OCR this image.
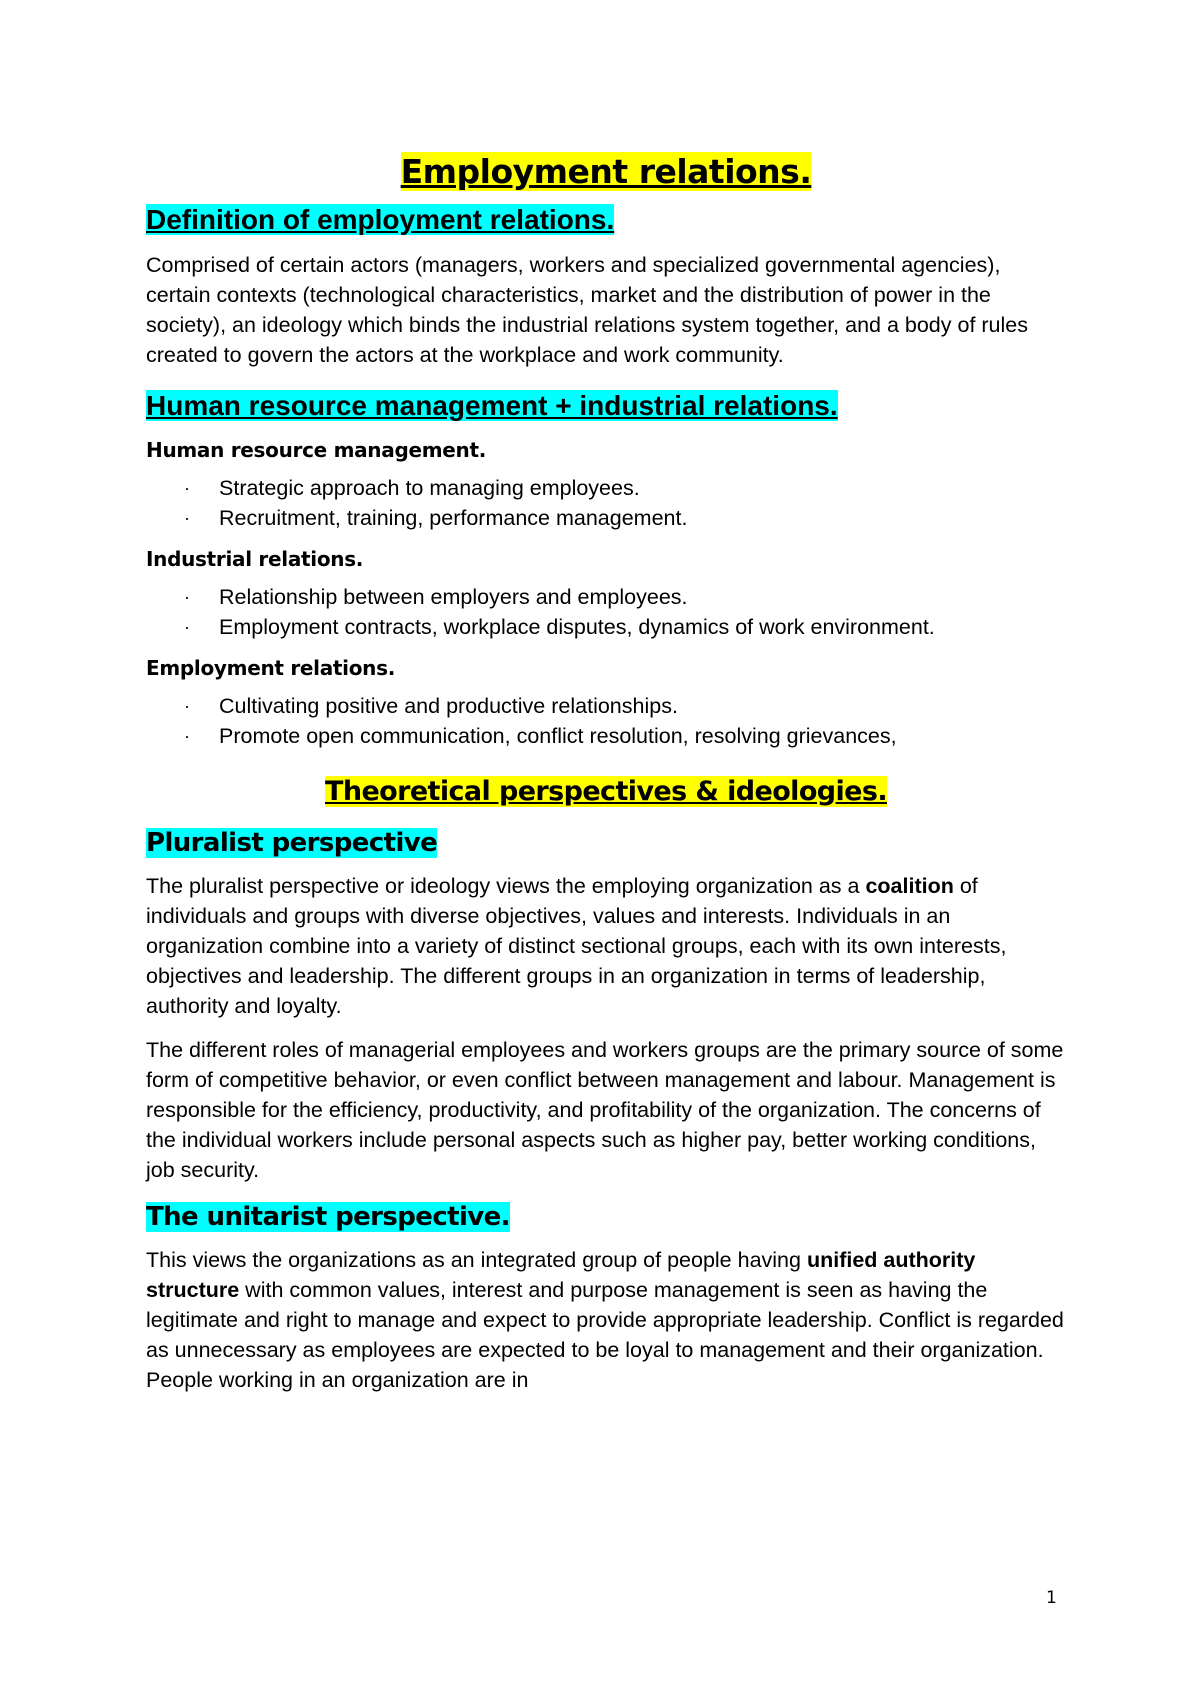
Employment relations.
Definition of employment relations.

Comprised of certain actors (managers, workers and specialized governmental agencies), certain contexts (technological characteristics, market and the distribution of power in the society), an ideology which binds the industrial relations system together, and a body of rules created to govern the actors at the workplace and work community.

Human resource management + industrial relations.
Human resource management.
· Strategic approach to managing employees.
· Recruitment, training, performance management.
Industrial relations.
· Relationship between employers and employees.
· Employment contracts, workplace disputes, dynamics of work environment.
Employment relations.
· Cultivating positive and productive relationships.
· Promote open communication, conflict resolution, resolving grievances,
Theoretical perspectives & ideologies.
Pluralist perspective

The pluralist perspective or ideology views the employing organization as a coalition of individuals and groups with diverse objectives, values and interests. Individuals in an organization combine into a variety of distinct sectional groups, each with its own interests, objectives and leadership. The different groups in an organization in terms of leadership, authority and loyalty.

The different roles of managerial employees and workers groups are the primary source of some form of competitive behavior, or even conflict between management and labour. Management is responsible for the efficiency, productivity, and profitability of the organization. The concerns of the individual workers include personal aspects such as higher pay, better working conditions, job security.

The unitarist perspective.

This views the organizations as an integrated group of people having unified authority structure with common values, interest and purpose management is seen as having the legitimate and right to manage and expect to provide appropriate leadership. Conflict is regarded as unnecessary as employees are expected to be loyal to management and their organization. People working in an organization are in

1
